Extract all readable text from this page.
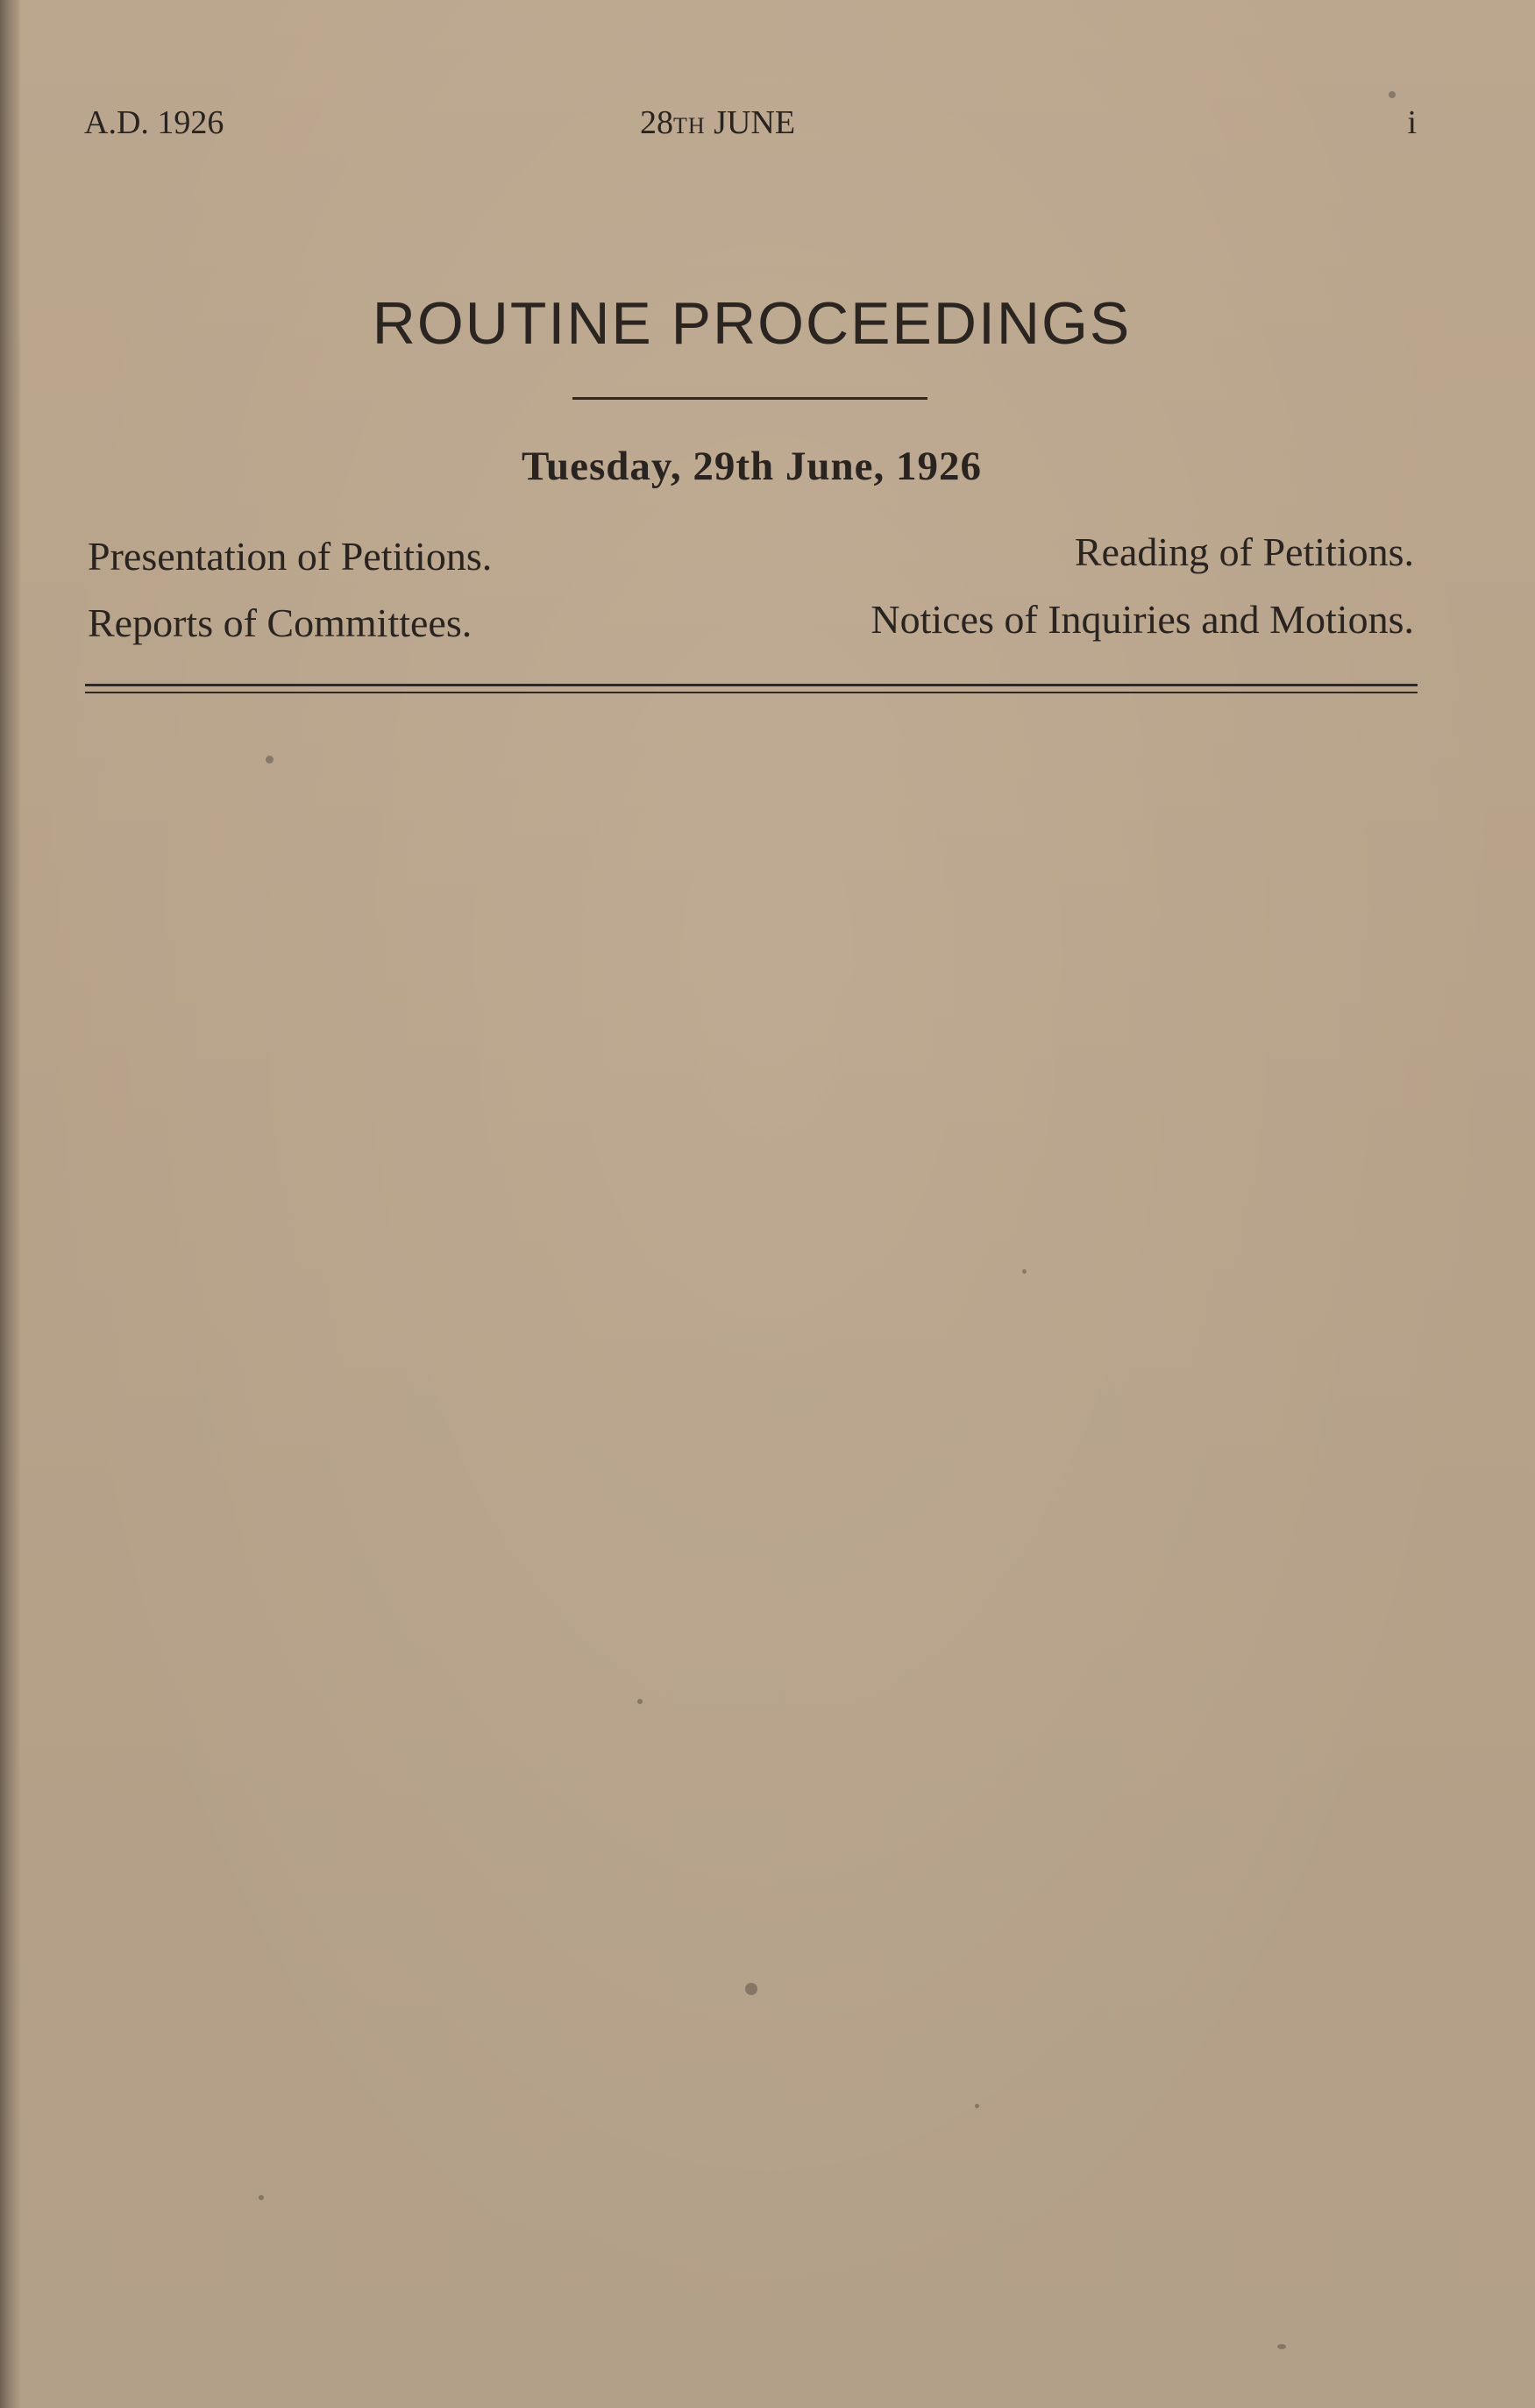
A.D. 1926	28TH JUNE	i
ROUTINE PROCEEDINGS
Tuesday, 29th June, 1926
Presentation of Petitions.	Reading of Petitions.
Reports of Committees.	Notices of Inquiries and Motions.
